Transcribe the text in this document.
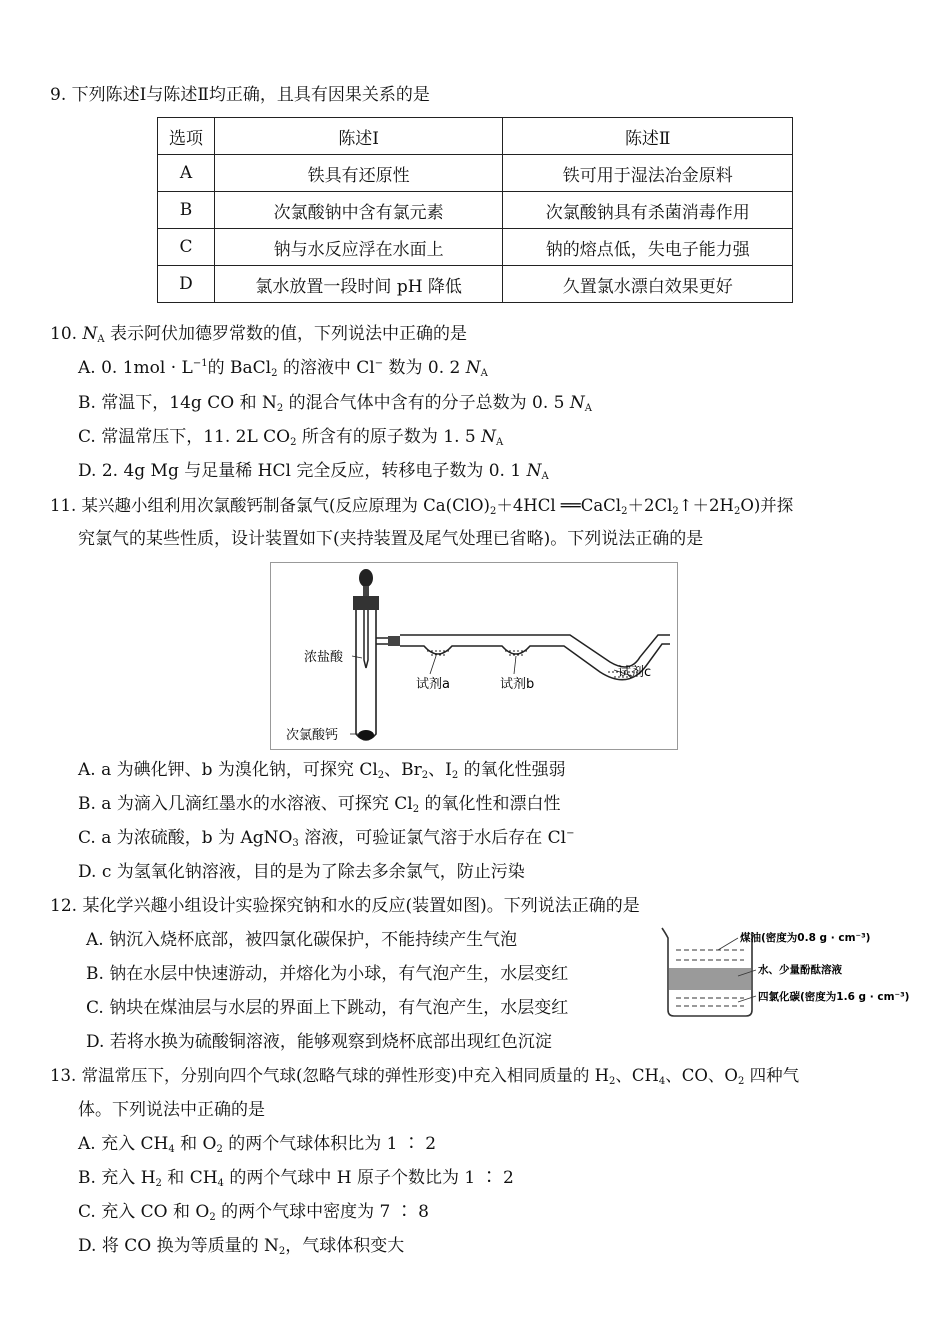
9. 下列陈述Ⅰ与陈述Ⅱ均正确，且具有因果关系的是
选项	陈述Ⅰ	陈述Ⅱ
A	铁具有还原性	铁可用于湿法冶金原料
B	次氯酸钠中含有氯元素	次氯酸钠具有杀菌消毒作用
C	钠与水反应浮在水面上	钠的熔点低，失电子能力强
D	氯水放置一段时间 pH 降低	久置氯水漂白效果更好
10. $N_A$ 表示阿伏加德罗常数的值，下列说法中正确的是
A. 0. $1mol \cdot L^{-1}$的 BaCl$_2$ 的溶液中 Cl− 数为 0. 2 $N_A$
B. 常温下，14g CO 和 $N_2$ 的混合气体中含有的分子总数为 0. 5 $N_A$
C. 常温常压下，11. 2L $CO_2$ 所含有的原子数为 1. 5 $N_A$
D. 2. 4g Mg 与足量稀 HCl 完全反应，转移电子数为 0. 1 $N_A$
11. 某兴趣小组利用次氯酸钙制备氯气(反应原理为 $Ca(ClO)_2+4HCl$ $══CaCl_2+2Cl_2↑+2H_2O$)并探
究氯气的某些性质，设计装置如下(夹持装置及尾气处理已省略)。下列说法正确的是
浓盐酸
次氯酸钙
试剂a	试剂b
试剂c
A. a 为碘化钾、b 为溴化钠，可探究 $Cl_2$、$Br_2$、$I_2$ 的氧化性强弱
B. a 为滴入几滴红墨水的水溶液、可探究 $Cl_2$ 的氧化性和漂白性
C. a 为浓硫酸，b 为 AgNO$_3$ 溶液，可验证氯气溶于水后存在 Cl−
D. c 为氢氧化钠溶液，目的是为了除去多余氯气，防止污染
12. 某化学兴趣小组设计实验探究钠和水的反应(装置如图)。下列说法正确的是
A. 钠沉入烧杯底部，被四氯化碳保护，不能持续产生气泡
B. 钠在水层中快速游动，并熔化为小球，有气泡产生，水层变红
C. 钠块在煤油层与水层的界面上下跳动，有气泡产生，水层变红
D. 若将水换为硫酸铜溶液，能够观察到烧杯底部出现红色沉淀
煤油(密度为0.8 g · cm⁻³)
水、少量酚酞溶液
四氯化碳(密度为1.6 g · cm⁻³)
13. 常温常压下，分别向四个气球(忽略气球的弹性形变)中充入相同质量的 $H_2$、$CH_4$、CO、$O_2$ 四种气
体。下列说法中正确的是
A. 充入 $CH_4$ 和 $O_2$ 的两个气球体积比为 1 ∶ 2
B. 充入 $H_2$ 和 $CH_4$ 的两个气球中 H 原子个数比为 1 ∶ 2
C. 充入 CO 和 $O_2$ 的两个气球中密度为 7 ∶ 8
D. 将 CO 换为等质量的 $N_2$，气球体积变大
